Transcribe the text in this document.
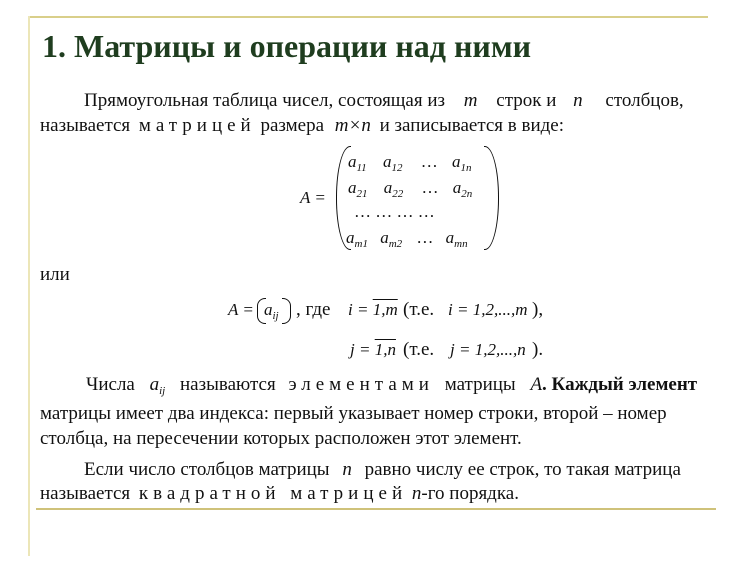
1. Матрицы и операции над ними
Прямоугольная таблица чисел, состоящая из m строк и n столбцов,
называется матрицей размера m×n и записывается в виде:
A =
$a_{11}$ $a_{12}$ … $a_{1n}$
$a_{21}$ $a_{22}$ … $a_{2n}$
… … … …
$a_{m1}$ $a_{m2}$ … $a_{mn}$
или
$A = a_{ij}$ , где i = 1,m (т.е. i = 1,2,...,m ),
j = 1,n (т.е. j = 1,2,...,n ).
Числа $a_{ij}$ называются элементами матрицы A. Каждый элемент
матрицы имеет два индекса: первый указывает номер строки, второй – номер
столбца, на пересечении которых расположен этот элемент.
Если число столбцов матрицы n равно числу ее строк, то такая матрица
называется квадратной матрицей n-го порядка.
